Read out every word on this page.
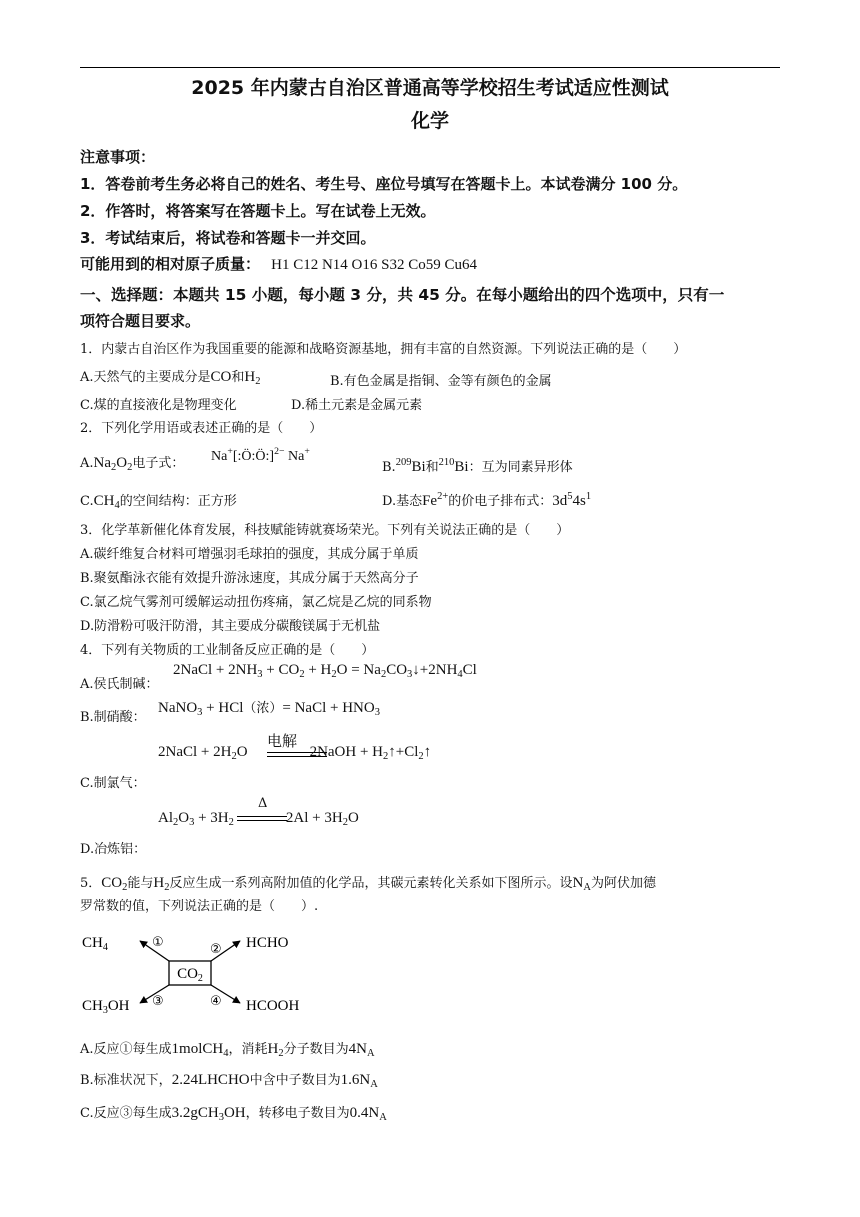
2025 年内蒙古自治区普通高等学校招生考试适应性测试
化学
注意事项：
1．答卷前考生务必将自己的姓名、考生号、座位号填写在答题卡上。本试卷满分 100 分。
2．作答时，将答案写在答题卡上。写在试卷上无效。
3．考试结束后，将试卷和答题卡一并交回。
可能用到的相对原子质量： H1 C12 N14 O16 S32 Co59 Cu64
一、选择题：本题共 15 小题，每小题 3 分，共 45 分。在每小题给出的四个选项中，只有一
项符合题目要求。
1．内蒙古自治区作为我国重要的能源和战略资源基地，拥有丰富的自然资源。下列说法正确的是（　　）
A.天然气的主要成分是CO和$H_2$	B.有色金属是指铜、金等有颜色的金属
C.煤的直接液化是物理变化	D.稀土元素是金属元素
2．下列化学用语或表述正确的是（　　）
$A.Na_2O_2$电子式： Na+[:Ö:Ö:]$^{2-}$ Na+
B.$^{209}$Bi和$^{210}$Bi：互为同素异形体
$C.CH_4$的空间结构：正方形	D.基态$Fe^{2+}$的价电子排布式：$3d^54s^1$
3．化学革新催化体育发展，科技赋能铸就赛场荣光。下列有关说法正确的是（　　）
A.碳纤维复合材料可增强羽毛球拍的强度，其成分属于单质
B.聚氨酯泳衣能有效提升游泳速度，其成分属于天然高分子
C.氯乙烷气雾剂可缓解运动扭伤疼痛，氯乙烷是乙烷的同系物
D.防滑粉可吸汗防滑，其主要成分碳酸镁属于无机盐
4．下列有关物质的工业制备反应正确的是（　　）
A.侯氏制碱：
2NaCl + $2NH_3 + CO_2 + H_2O$ = $Na_2CO_3↓+2NH_4Cl$
B.制硝酸：
NaNO$_3$ + HCl（浓）= NaCl + $HNO_3$
电解
C.制氯气：
2NaCl + $2H_2O$	2NaOH + $H_2↑+Cl_2↑$
Δ
$Al_2O_3 + 3H_2$	$2Al + 3H_2O$
D.冶炼铝：
5．$CO_2$能与$H_2$反应生成一系列高附加值的化学品，其碳元素转化关系如下图所示。设$N_A$为阿伏加德
罗常数的值，下列说法正确的是（　　）.
$CO_2$
$CH_4$	HCHO
$CH_3OH$	HCOOH
①	②
③	④
A.反应①每生成1molCH$_4$，消耗$H_2$分子数目为$4N_A$
B.标准状况下，2.24LHCHO中含中子数目为$1.6N_A$
C.反应③每生成3.2gCH$_3$OH，转移电子数目为$0.4N_A$
